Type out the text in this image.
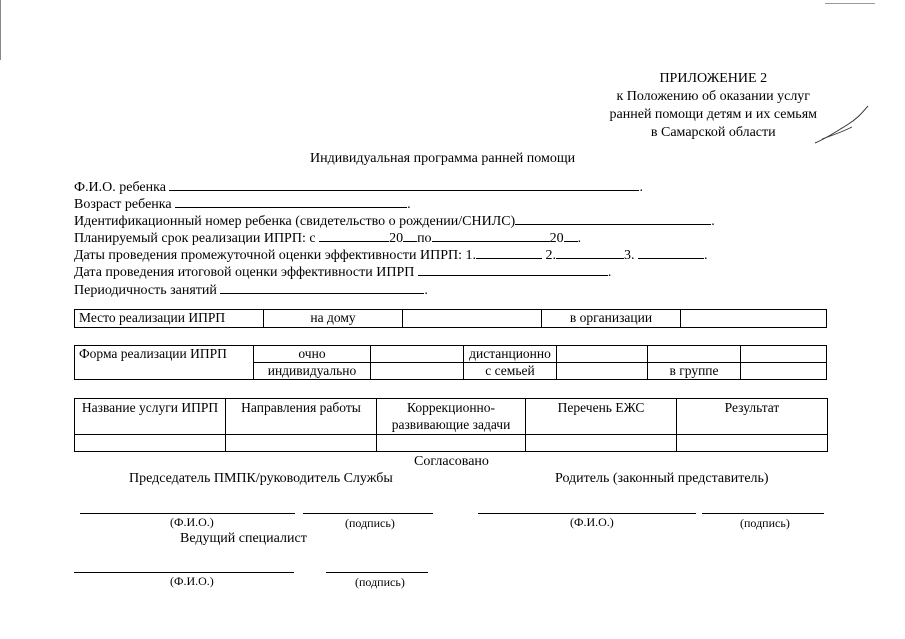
ПРИЛОЖЕНИЕ 2
к Положению об оказании услуг
ранней помощи детям и их семьям
в Самарской области
Индивидуальная программа ранней помощи
Ф.И.О. ребенка	.
Возраст ребенка	.
Идентификационный номер ребенка (свидетельство о рождении/СНИЛС)	.
Планируемый срок реализации ИПРП: с	20 по	20 .
Даты проведения промежуточной оценки эффективности ИПРП: 1.	2.	3.	.
Дата проведения итоговой оценки эффективности ИПРП	.
Периодичность занятий	.
Место реализации ИПРП	на дому		в организации	
Форма реализации ИПРП	очно		дистанционно			
	индивидуально		с семьей		в группе	
Название услуги ИПРП	Направления работы	Коррекционно-развивающие задачи	Перечень ЕЖС	Результат

Согласовано
Председатель ПМПК/руководитель Службы	Родитель (законный представитель)
(Ф.И.О.)	(подпись)	(Ф.И.О.)	(подпись)
Ведущий специалист
(Ф.И.О.)	(подпись)
